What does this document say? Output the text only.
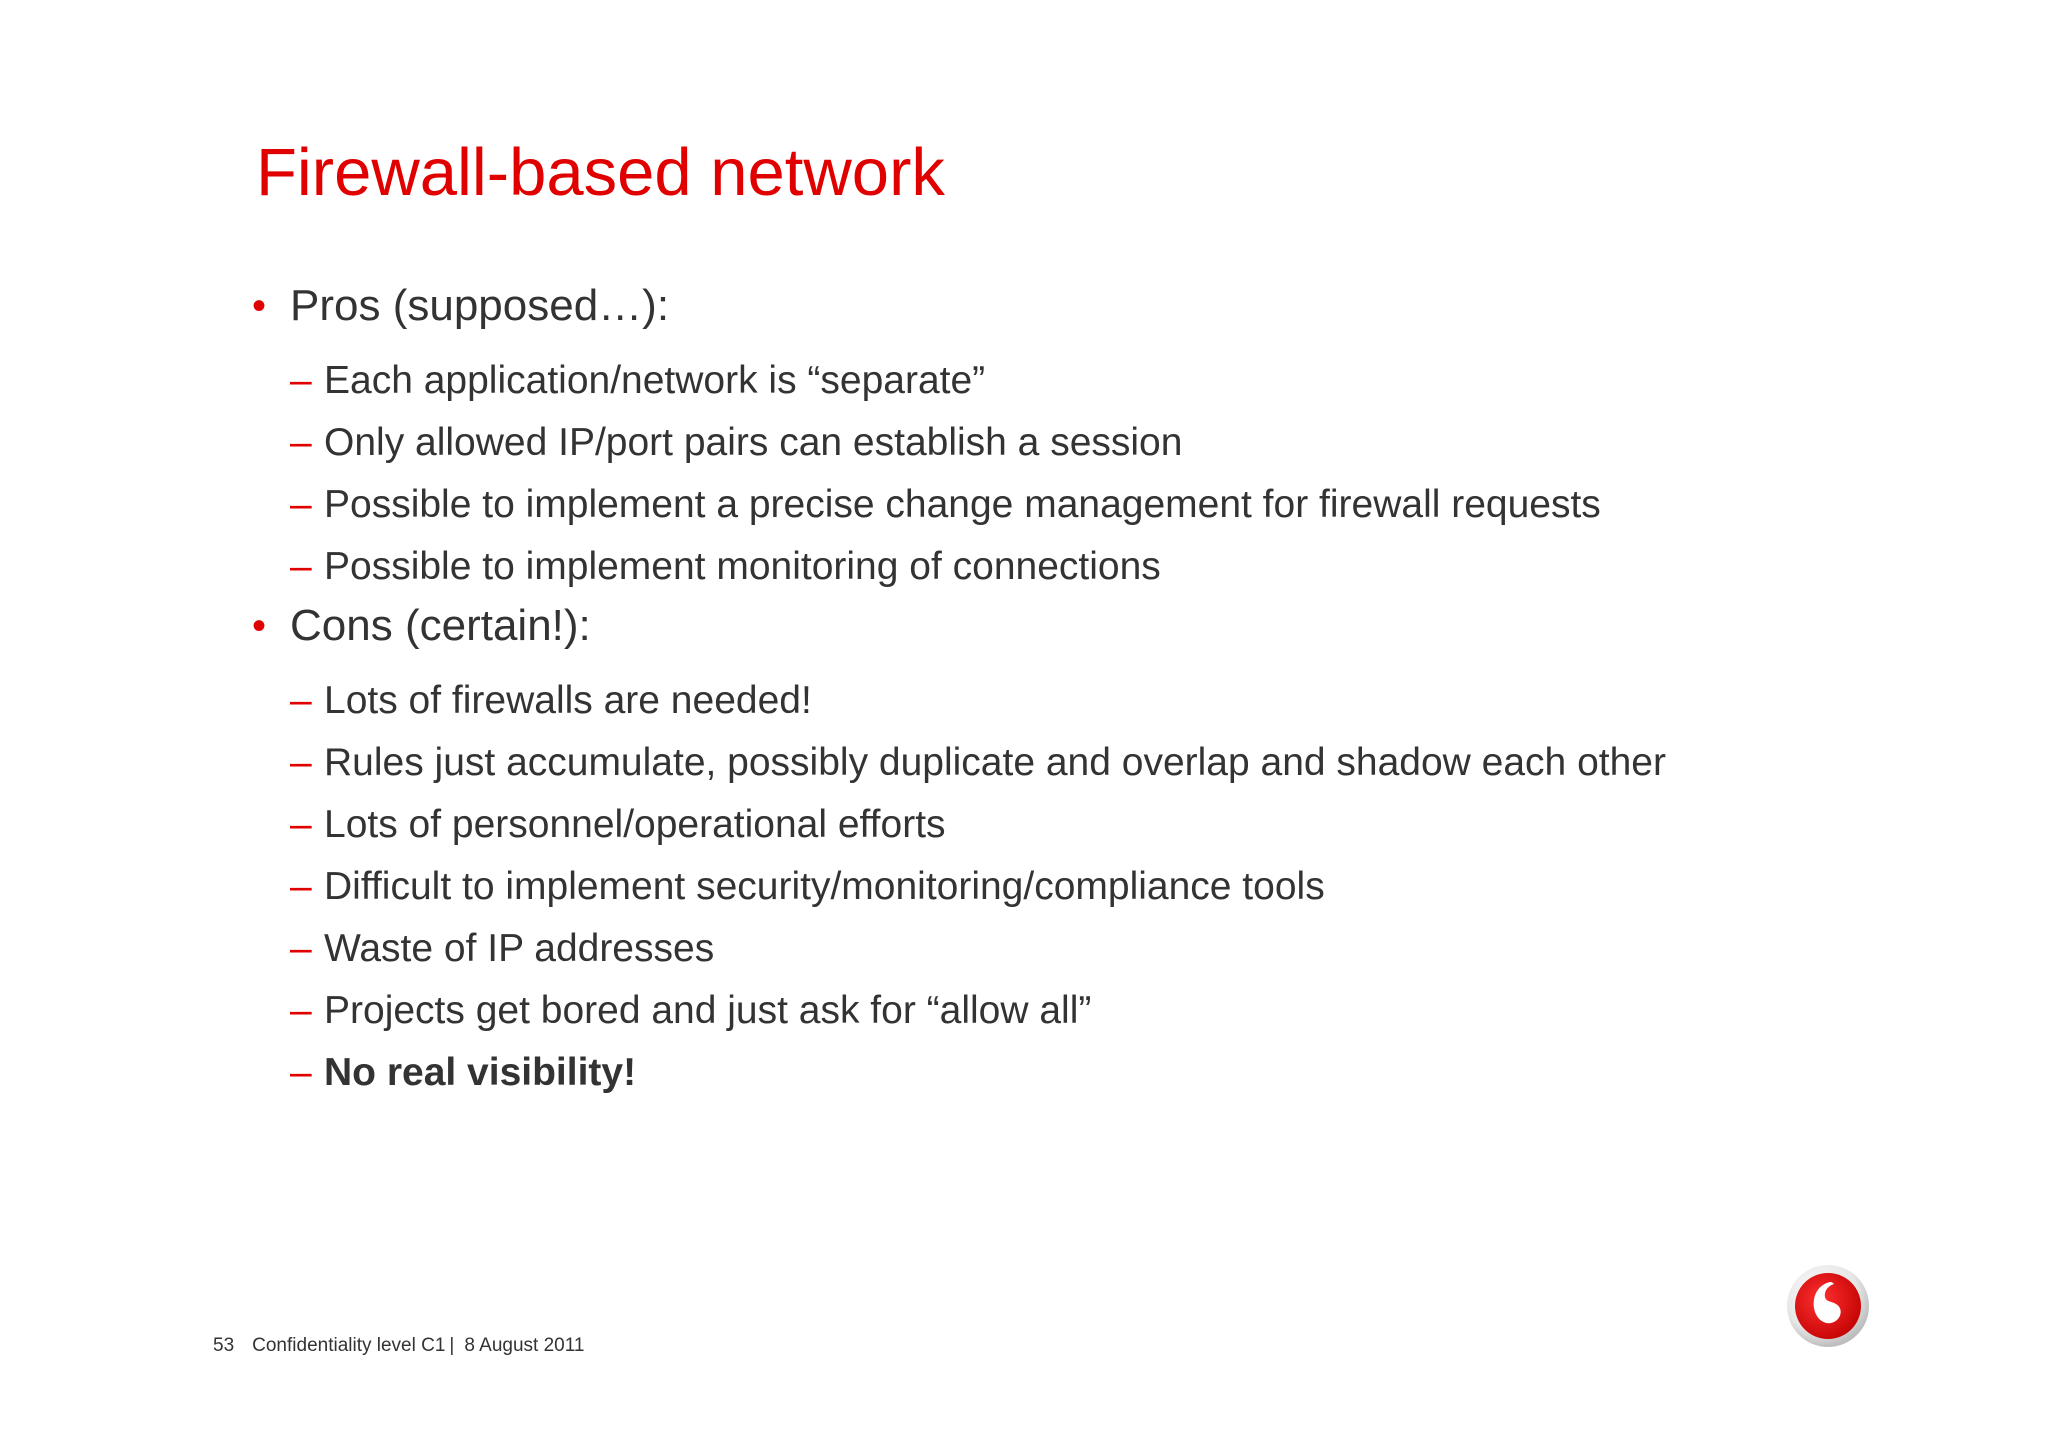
Firewall-based network
• Pros (supposed…):
– Each application/network is “separate”
– Only allowed IP/port pairs can establish a session
– Possible to implement a precise change management for firewall requests
– Possible to implement monitoring of connections
• Cons (certain!):
– Lots of firewalls are needed!
– Rules just accumulate, possibly duplicate and overlap and shadow each other
– Lots of personnel/operational efforts
– Difficult to implement security/monitoring/compliance tools
– Waste of IP addresses
– Projects get bored and just ask for “allow all”
– No real visibility!
53 Confidentiality level C1 | 8 August 2011
